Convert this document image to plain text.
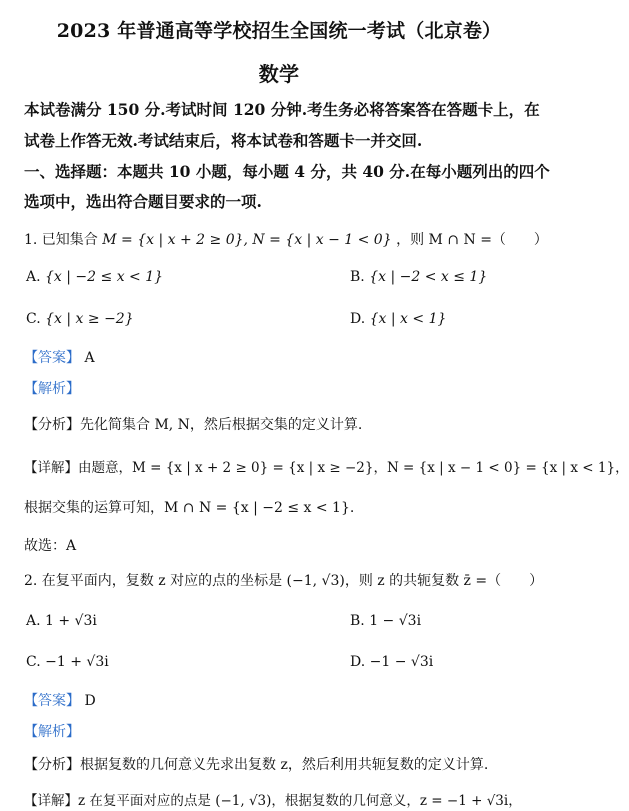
2023 年普通高等学校招生全国统一考试（北京卷）
数学
本试卷满分 150 分.考试时间 120 分钟.考生务必将答案答在答题卡上，在
试卷上作答无效.考试结束后，将本试卷和答题卡一并交回.
一、选择题：本题共 10 小题，每小题 4 分，共 40 分.在每小题列出的四个
选项中，选出符合题目要求的一项.
1. 已知集合 M = {x | x + 2 ≥ 0}, N = {x | x − 1 < 0} ，则 M ∩ N =（　　）
A. {x | −2 ≤ x < 1}	B. {x | −2 < x ≤ 1}
C. {x | x ≥ −2}	D. {x | x < 1}
【答案】 A
【解析】
【分析】先化简集合 M, N，然后根据交集的定义计算.
【详解】由题意，M = {x | x + 2 ≥ 0} = {x | x ≥ −2}，N = {x | x − 1 < 0} = {x | x < 1}，
根据交集的运算可知，M ∩ N = {x | −2 ≤ x < 1}.
故选：A
2. 在复平面内，复数 z 对应的点的坐标是 (−1, √3)，则 z 的共轭复数 z̄ =（　　）
A. 1 + √3i	B. 1 − √3i
C. −1 + √3i	D. −1 − √3i
【答案】 D
【解析】
【分析】根据复数的几何意义先求出复数 z，然后利用共轭复数的定义计算.
【详解】z 在复平面对应的点是 (−1, √3)，根据复数的几何意义，z = −1 + √3i，
